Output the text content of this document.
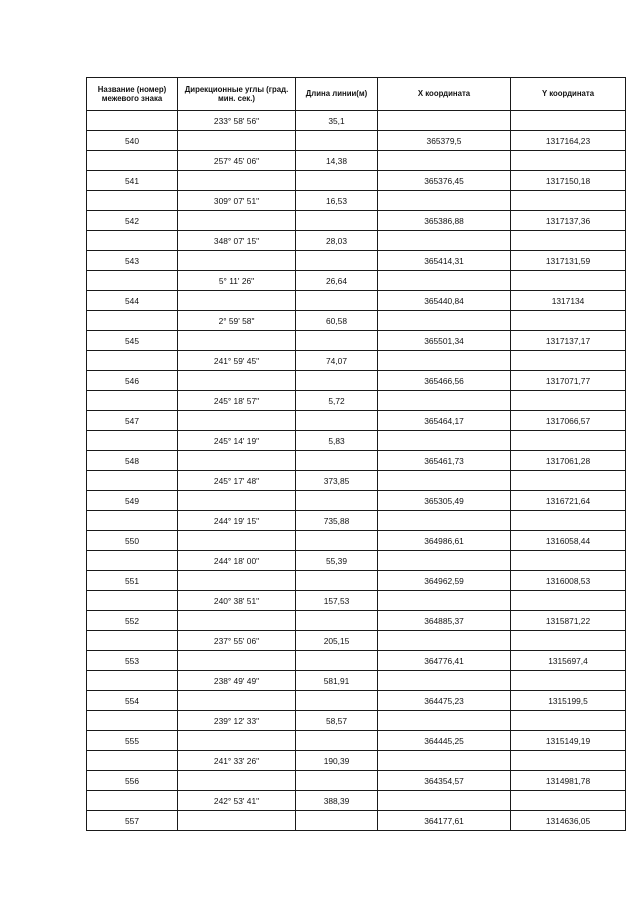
Название (номер) межевого знака	Дирекционные углы (град. мин. сек.)	Длина линии(м)	X координата	Y координата
	233° 58' 56"	35,1		
540			365379,5	1317164,23
	257° 45' 06"	14,38		
541			365376,45	1317150,18
	309° 07' 51"	16,53		
542			365386,88	1317137,36
	348° 07' 15"	28,03		
543			365414,31	1317131,59
	5° 11' 26"	26,64		
544			365440,84	1317134
	2° 59' 58"	60,58		
545			365501,34	1317137,17
	241° 59' 45"	74,07		
546			365466,56	1317071,77
	245° 18' 57"	5,72		
547			365464,17	1317066,57
	245° 14' 19"	5,83		
548			365461,73	1317061,28
	245° 17' 48"	373,85		
549			365305,49	1316721,64
	244° 19' 15"	735,88		
550			364986,61	1316058,44
	244° 18' 00"	55,39		
551			364962,59	1316008,53
	240° 38' 51"	157,53		
552			364885,37	1315871,22
	237° 55' 06"	205,15		
553			364776,41	1315697,4
	238° 49' 49"	581,91		
554			364475,23	1315199,5
	239° 12' 33"	58,57		
555			364445,25	1315149,19
	241° 33' 26"	190,39		
556			364354,57	1314981,78
	242° 53' 41"	388,39		
557			364177,61	1314636,05
